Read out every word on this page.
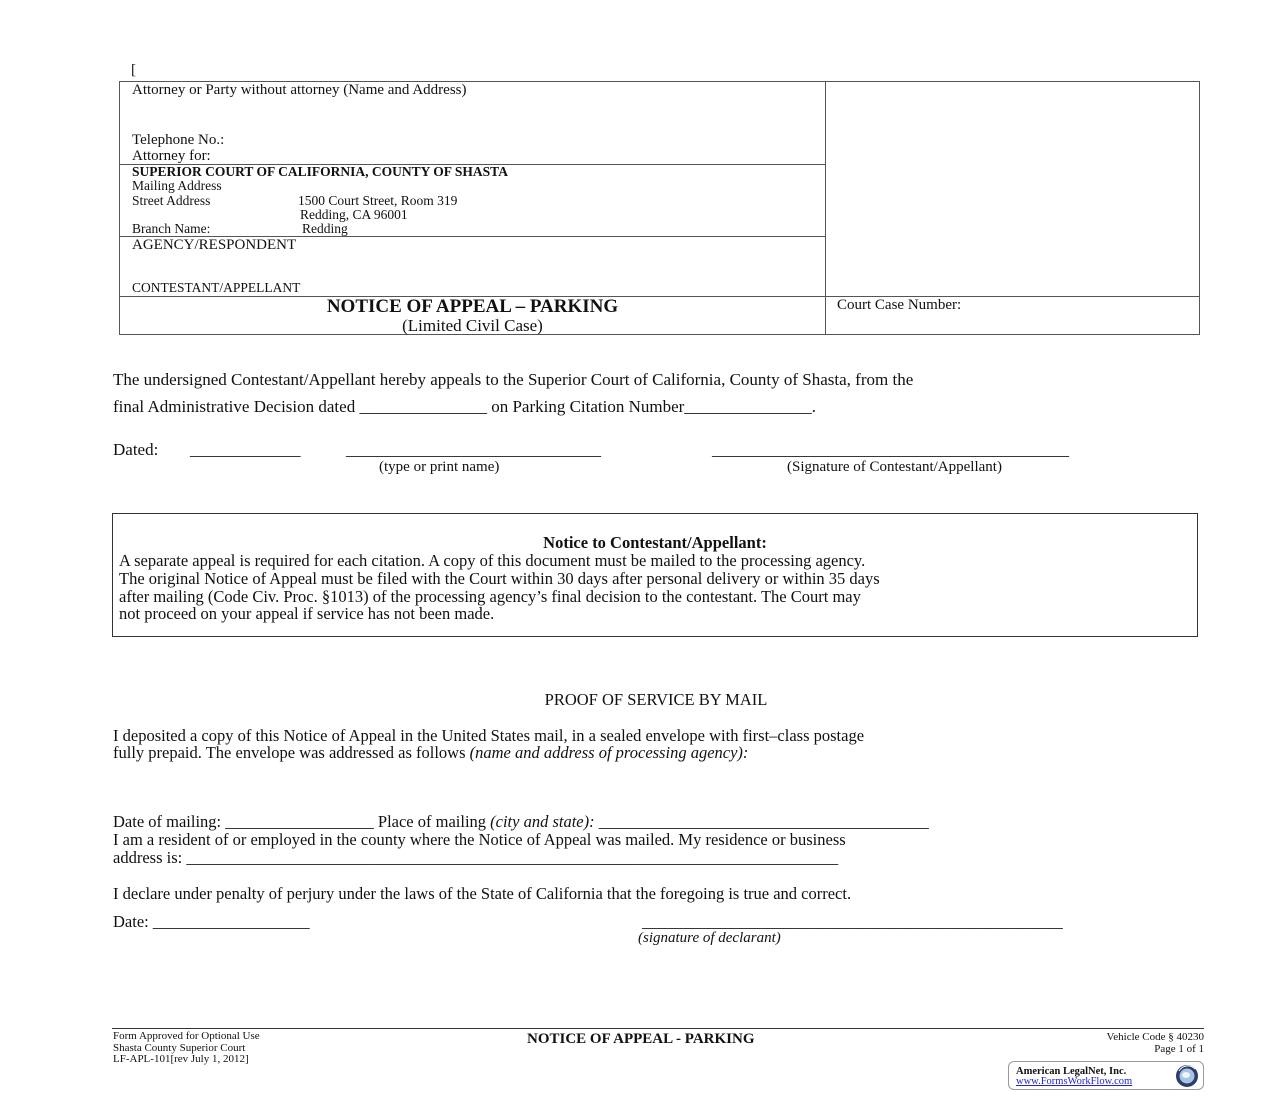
[
Attorney or Party without attorney (Name and Address)
Telephone No.:
Attorney for:
SUPERIOR COURT OF CALIFORNIA, COUNTY OF SHASTA
Mailing Address
Street Address	1500 Court Street, Room 319
Redding, CA 96001
Branch Name:	Redding
AGENCY/RESPONDENT
CONTESTANT/APPELLANT
NOTICE OF APPEAL – PARKING
(Limited Civil Case)
Court Case Number:
The undersigned Contestant/Appellant hereby appeals to the Superior Court of California, County of Shasta, from the
final Administrative Decision dated _______________ on Parking Citation Number_______________.
Dated: _____________	______________________________	__________________________________________
(type or print name)	(Signature of Contestant/Appellant)
Notice to Contestant/Appellant:
A separate appeal is required for each citation. A copy of this document must be mailed to the processing agency.
The original Notice of Appeal must be filed with the Court within 30 days after personal delivery or within 35 days
after mailing (Code Civ. Proc. §1013) of the processing agency’s final decision to the contestant. The Court may
not proceed on your appeal if service has not been made.
PROOF OF SERVICE BY MAIL
I deposited a copy of this Notice of Appeal in the United States mail, in a sealed envelope with first–class postage
fully prepaid. The envelope was addressed as follows (name and address of processing agency):
Date of mailing: __________________ Place of mailing (city and state): ________________________________________
I am a resident of or employed in the county where the Notice of Appeal was mailed. My residence or business
address is: _______________________________________________________________________________
I declare under penalty of perjury under the laws of the State of California that the foregoing is true and correct.
Date: ___________________	___________________________________________________
(signature of declarant)
Form Approved for Optional Use
Shasta County Superior Court
LF-APL-101[rev July 1, 2012]
NOTICE OF APPEAL - PARKING	Vehicle Code § 40230
Page 1 of 1
American LegalNet, Inc.
www.FormsWorkFlow.com
